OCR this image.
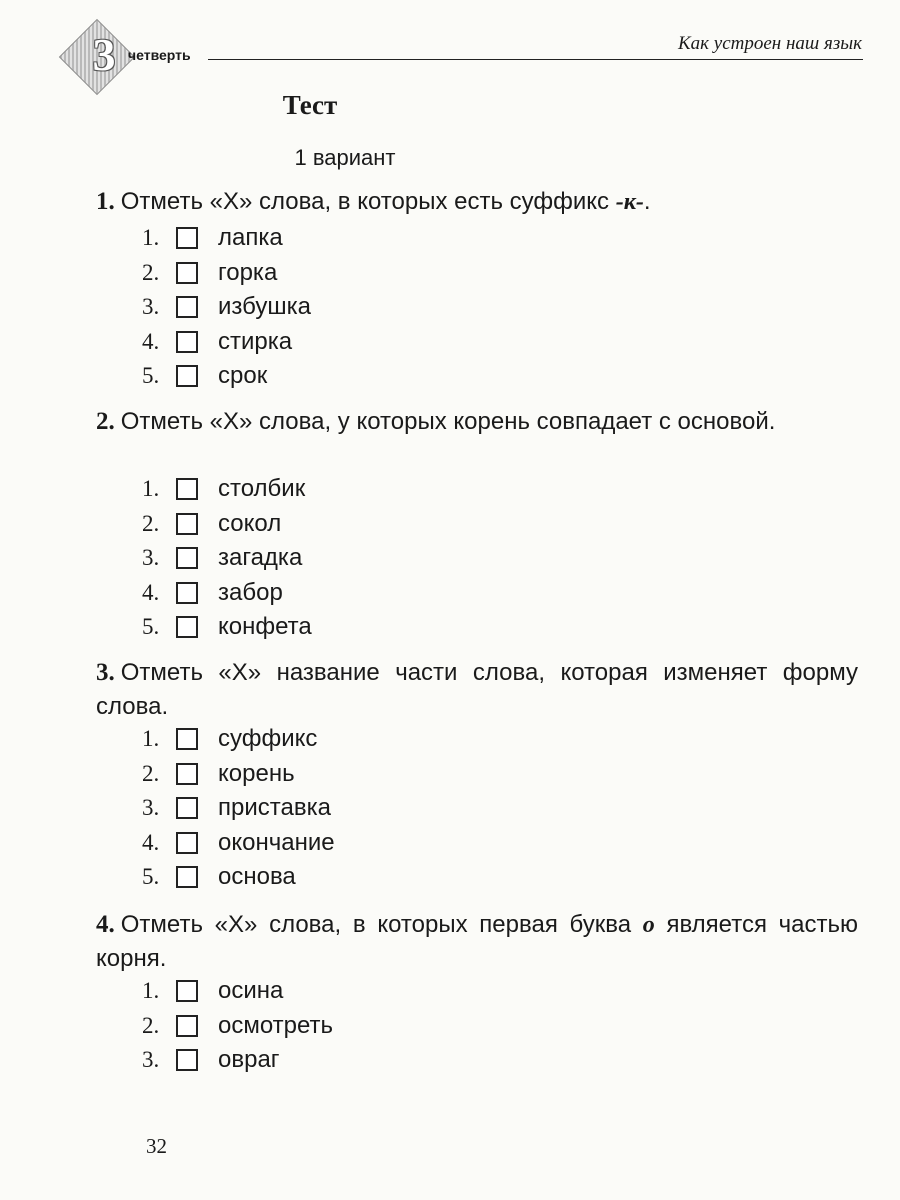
3 четверть
Как устроен наш язык
Тест
1 вариант
1. Отметь «X» слова, в которых есть суффикс -к-.
1.	лапка
2.	горка
3.	избушка
4.	стирка
5.	срок
2. Отметь «X» слова, у которых корень совпадает с основой.
1.	столбик
2.	сокол
3.	загадка
4.	забор
5.	конфета
3. Отметь «X» название части слова, которая изменяет форму слова.
1.	суффикс
2.	корень
3.	приставка
4.	окончание
5.	основа
4. Отметь «X» слова, в которых первая буква о является частью корня.
1.	осина
2.	осмотреть
3.	овраг
32
